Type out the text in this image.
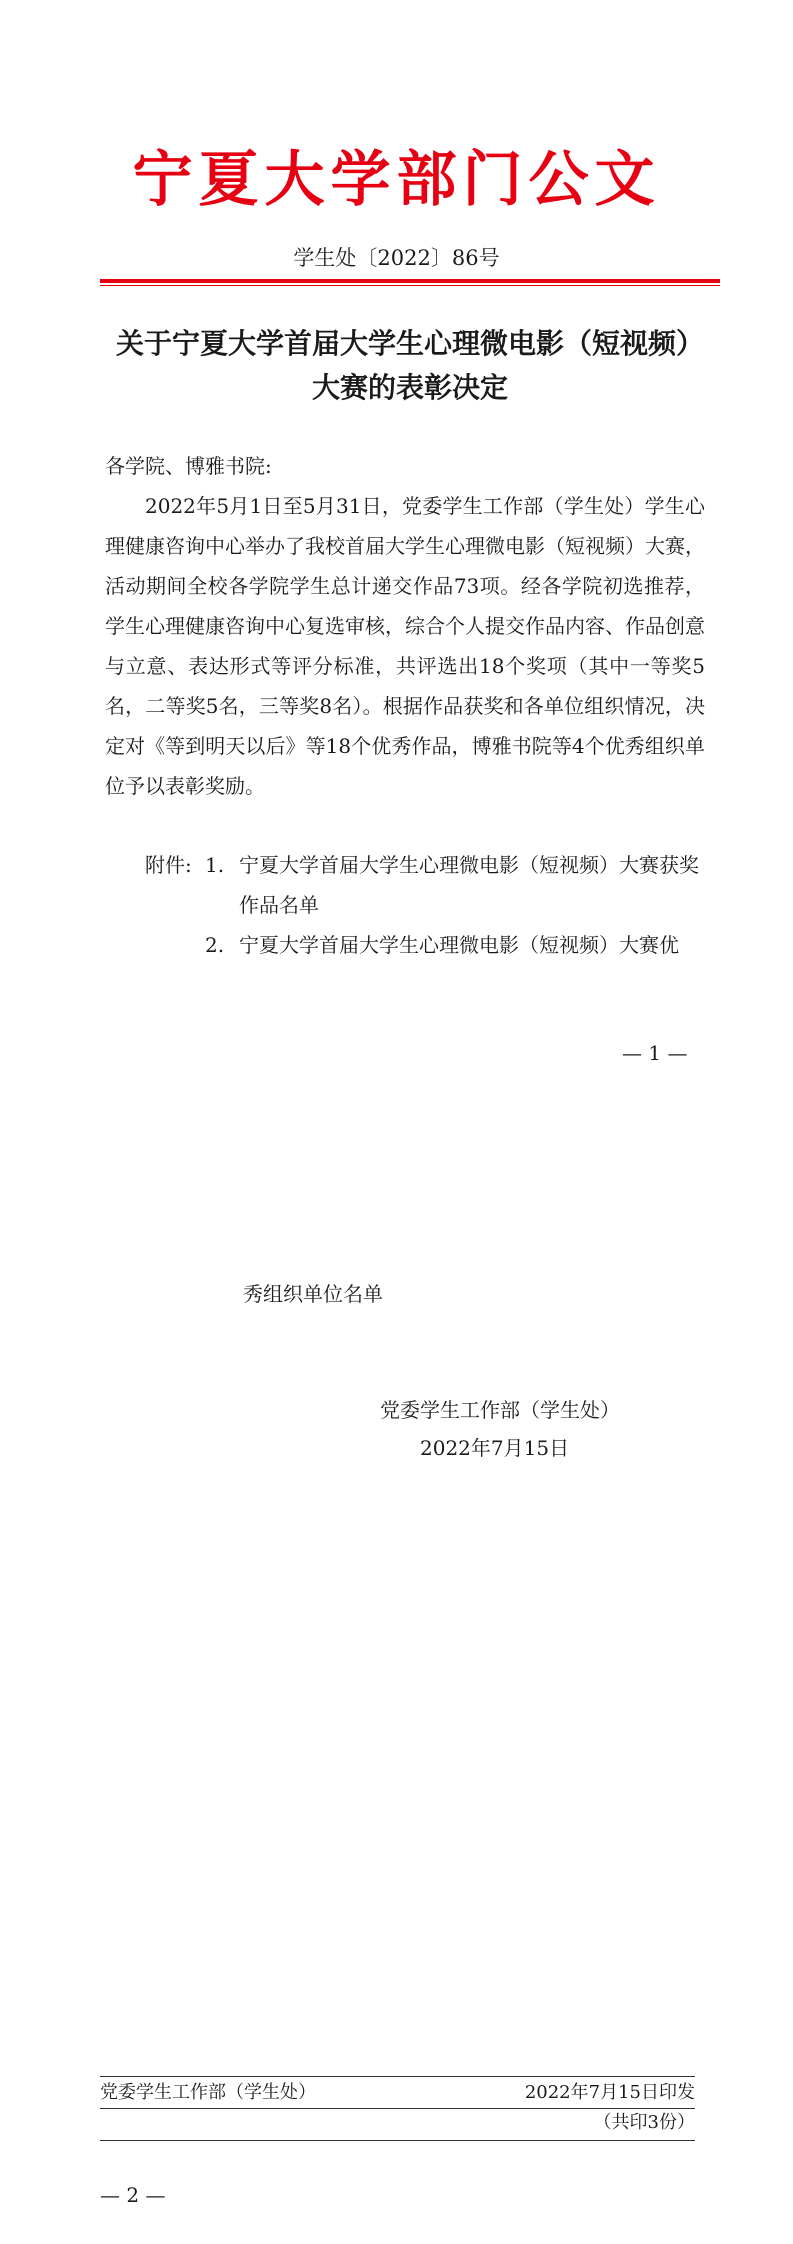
宁夏大学部门公文
学生处〔2022〕86号
关于宁夏大学首届大学生心理微电影（短视频）
大赛的表彰决定
各学院、博雅书院:
2022年5月1日至5月31日，党委学生工作部（学生处）学生心理健康咨询中心举办了我校首届大学生心理微电影（短视频）大赛，活动期间全校各学院学生总计递交作品73项。经各学院初选推荐，学生心理健康咨询中心复选审核，综合个人提交作品内容、作品创意与立意、表达形式等评分标准，共评选出18个奖项（其中一等奖5名，二等奖5名，三等奖8名）。根据作品获奖和各单位组织情况，决定对《等到明天以后》等18个优秀作品，博雅书院等4个优秀组织单位予以表彰奖励。
附件: 1. 宁夏大学首届大学生心理微电影（短视频）大赛获奖作品名单
2. 宁夏大学首届大学生心理微电影（短视频）大赛优
— 1 —
秀组织单位名单
党委学生工作部（学生处）
2022年7月15日
党委学生工作部（学生处）	2022年7月15日印发
（共印3份）
— 2 —
